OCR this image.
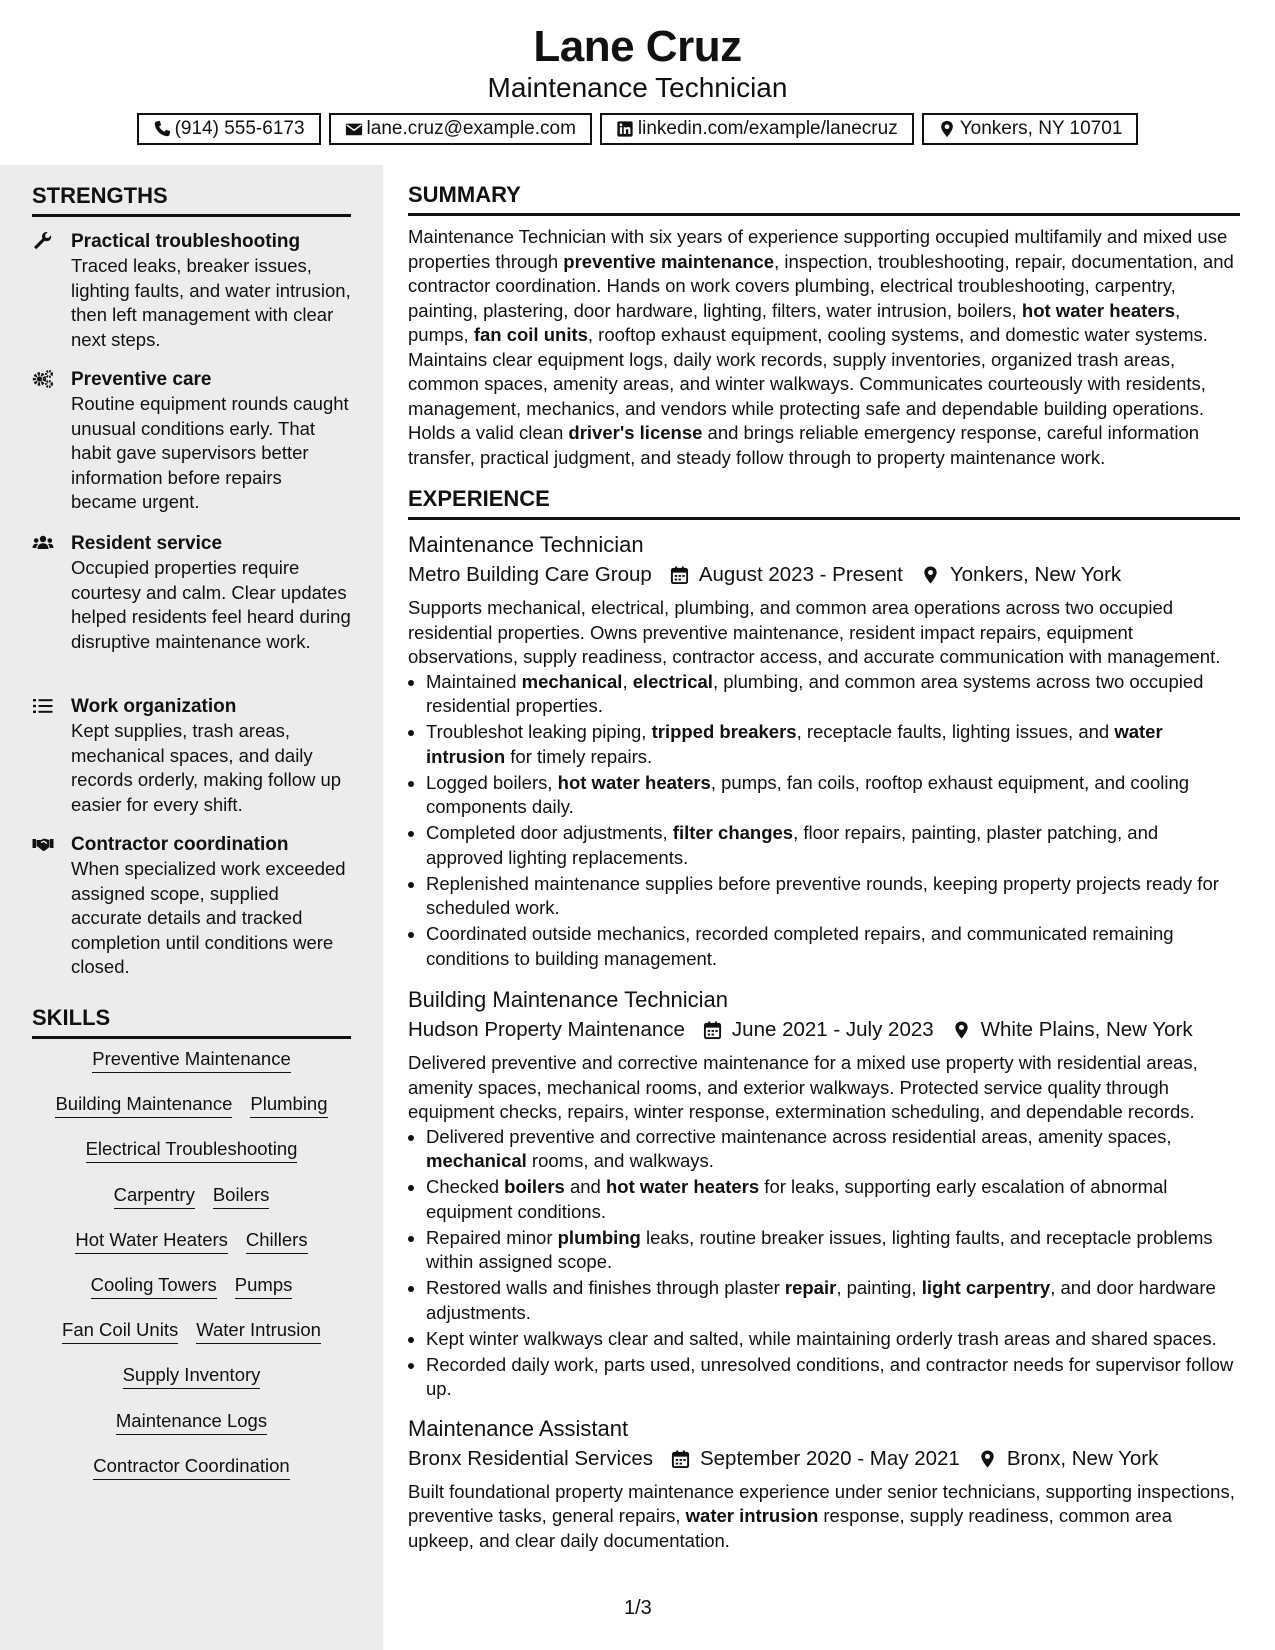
Lane Cruz
Maintenance Technician
(914) 555-6173	lane.cruz@example.com	linkedin.com/example/lanecruz	Yonkers, NY 10701
STRENGTHS
Practical troubleshooting
Traced leaks, breaker issues, lighting faults, and water intrusion, then left management with clear next steps.
Preventive care
Routine equipment rounds caught unusual conditions early. That habit gave supervisors better information before repairs became urgent.
Resident service
Occupied properties require courtesy and calm. Clear updates helped residents feel heard during disruptive maintenance work.
Work organization
Kept supplies, trash areas, mechanical spaces, and daily records orderly, making follow up easier for every shift.
Contractor coordination
When specialized work exceeded assigned scope, supplied accurate details and tracked completion until conditions were closed.
SKILLS
Preventive Maintenance
Building Maintenance Plumbing
Electrical Troubleshooting
Carpentry Boilers
Hot Water Heaters Chillers
Cooling Towers Pumps
Fan Coil Units Water Intrusion
Supply Inventory
Maintenance Logs
Contractor Coordination
SUMMARY
Maintenance Technician with six years of experience supporting occupied multifamily and mixed use properties through preventive maintenance, inspection, troubleshooting, repair, documentation, and contractor coordination. Hands on work covers plumbing, electrical troubleshooting, carpentry, painting, plastering, door hardware, lighting, filters, water intrusion, boilers, hot water heaters, pumps, fan coil units, rooftop exhaust equipment, cooling systems, and domestic water systems. Maintains clear equipment logs, daily work records, supply inventories, organized trash areas, common spaces, amenity areas, and winter walkways. Communicates courteously with residents, management, mechanics, and vendors while protecting safe and dependable building operations. Holds a valid clean driver's license and brings reliable emergency response, careful information transfer, practical judgment, and steady follow through to property maintenance work.
EXPERIENCE
Maintenance Technician
Metro Building Care Group August 2023 - Present Yonkers, New York
Supports mechanical, electrical, plumbing, and common area operations across two occupied residential properties. Owns preventive maintenance, resident impact repairs, equipment observations, supply readiness, contractor access, and accurate communication with management.
• Maintained mechanical, electrical, plumbing, and common area systems across two occupied residential properties.
• Troubleshot leaking piping, tripped breakers, receptacle faults, lighting issues, and water intrusion for timely repairs.
• Logged boilers, hot water heaters, pumps, fan coils, rooftop exhaust equipment, and cooling components daily.
• Completed door adjustments, filter changes, floor repairs, painting, plaster patching, and approved lighting replacements.
• Replenished maintenance supplies before preventive rounds, keeping property projects ready for scheduled work.
• Coordinated outside mechanics, recorded completed repairs, and communicated remaining conditions to building management.
Building Maintenance Technician
Hudson Property Maintenance June 2021 - July 2023 White Plains, New York
Delivered preventive and corrective maintenance for a mixed use property with residential areas, amenity spaces, mechanical rooms, and exterior walkways. Protected service quality through equipment checks, repairs, winter response, extermination scheduling, and dependable records.
• Delivered preventive and corrective maintenance across residential areas, amenity spaces, mechanical rooms, and walkways.
• Checked boilers and hot water heaters for leaks, supporting early escalation of abnormal equipment conditions.
• Repaired minor plumbing leaks, routine breaker issues, lighting faults, and receptacle problems within assigned scope.
• Restored walls and finishes through plaster repair, painting, light carpentry, and door hardware adjustments.
• Kept winter walkways clear and salted, while maintaining orderly trash areas and shared spaces.
• Recorded daily work, parts used, unresolved conditions, and contractor needs for supervisor follow up.
Maintenance Assistant
Bronx Residential Services September 2020 - May 2021 Bronx, New York
Built foundational property maintenance experience under senior technicians, supporting inspections, preventive tasks, general repairs, water intrusion response, supply readiness, common area upkeep, and clear daily documentation.
1/3
